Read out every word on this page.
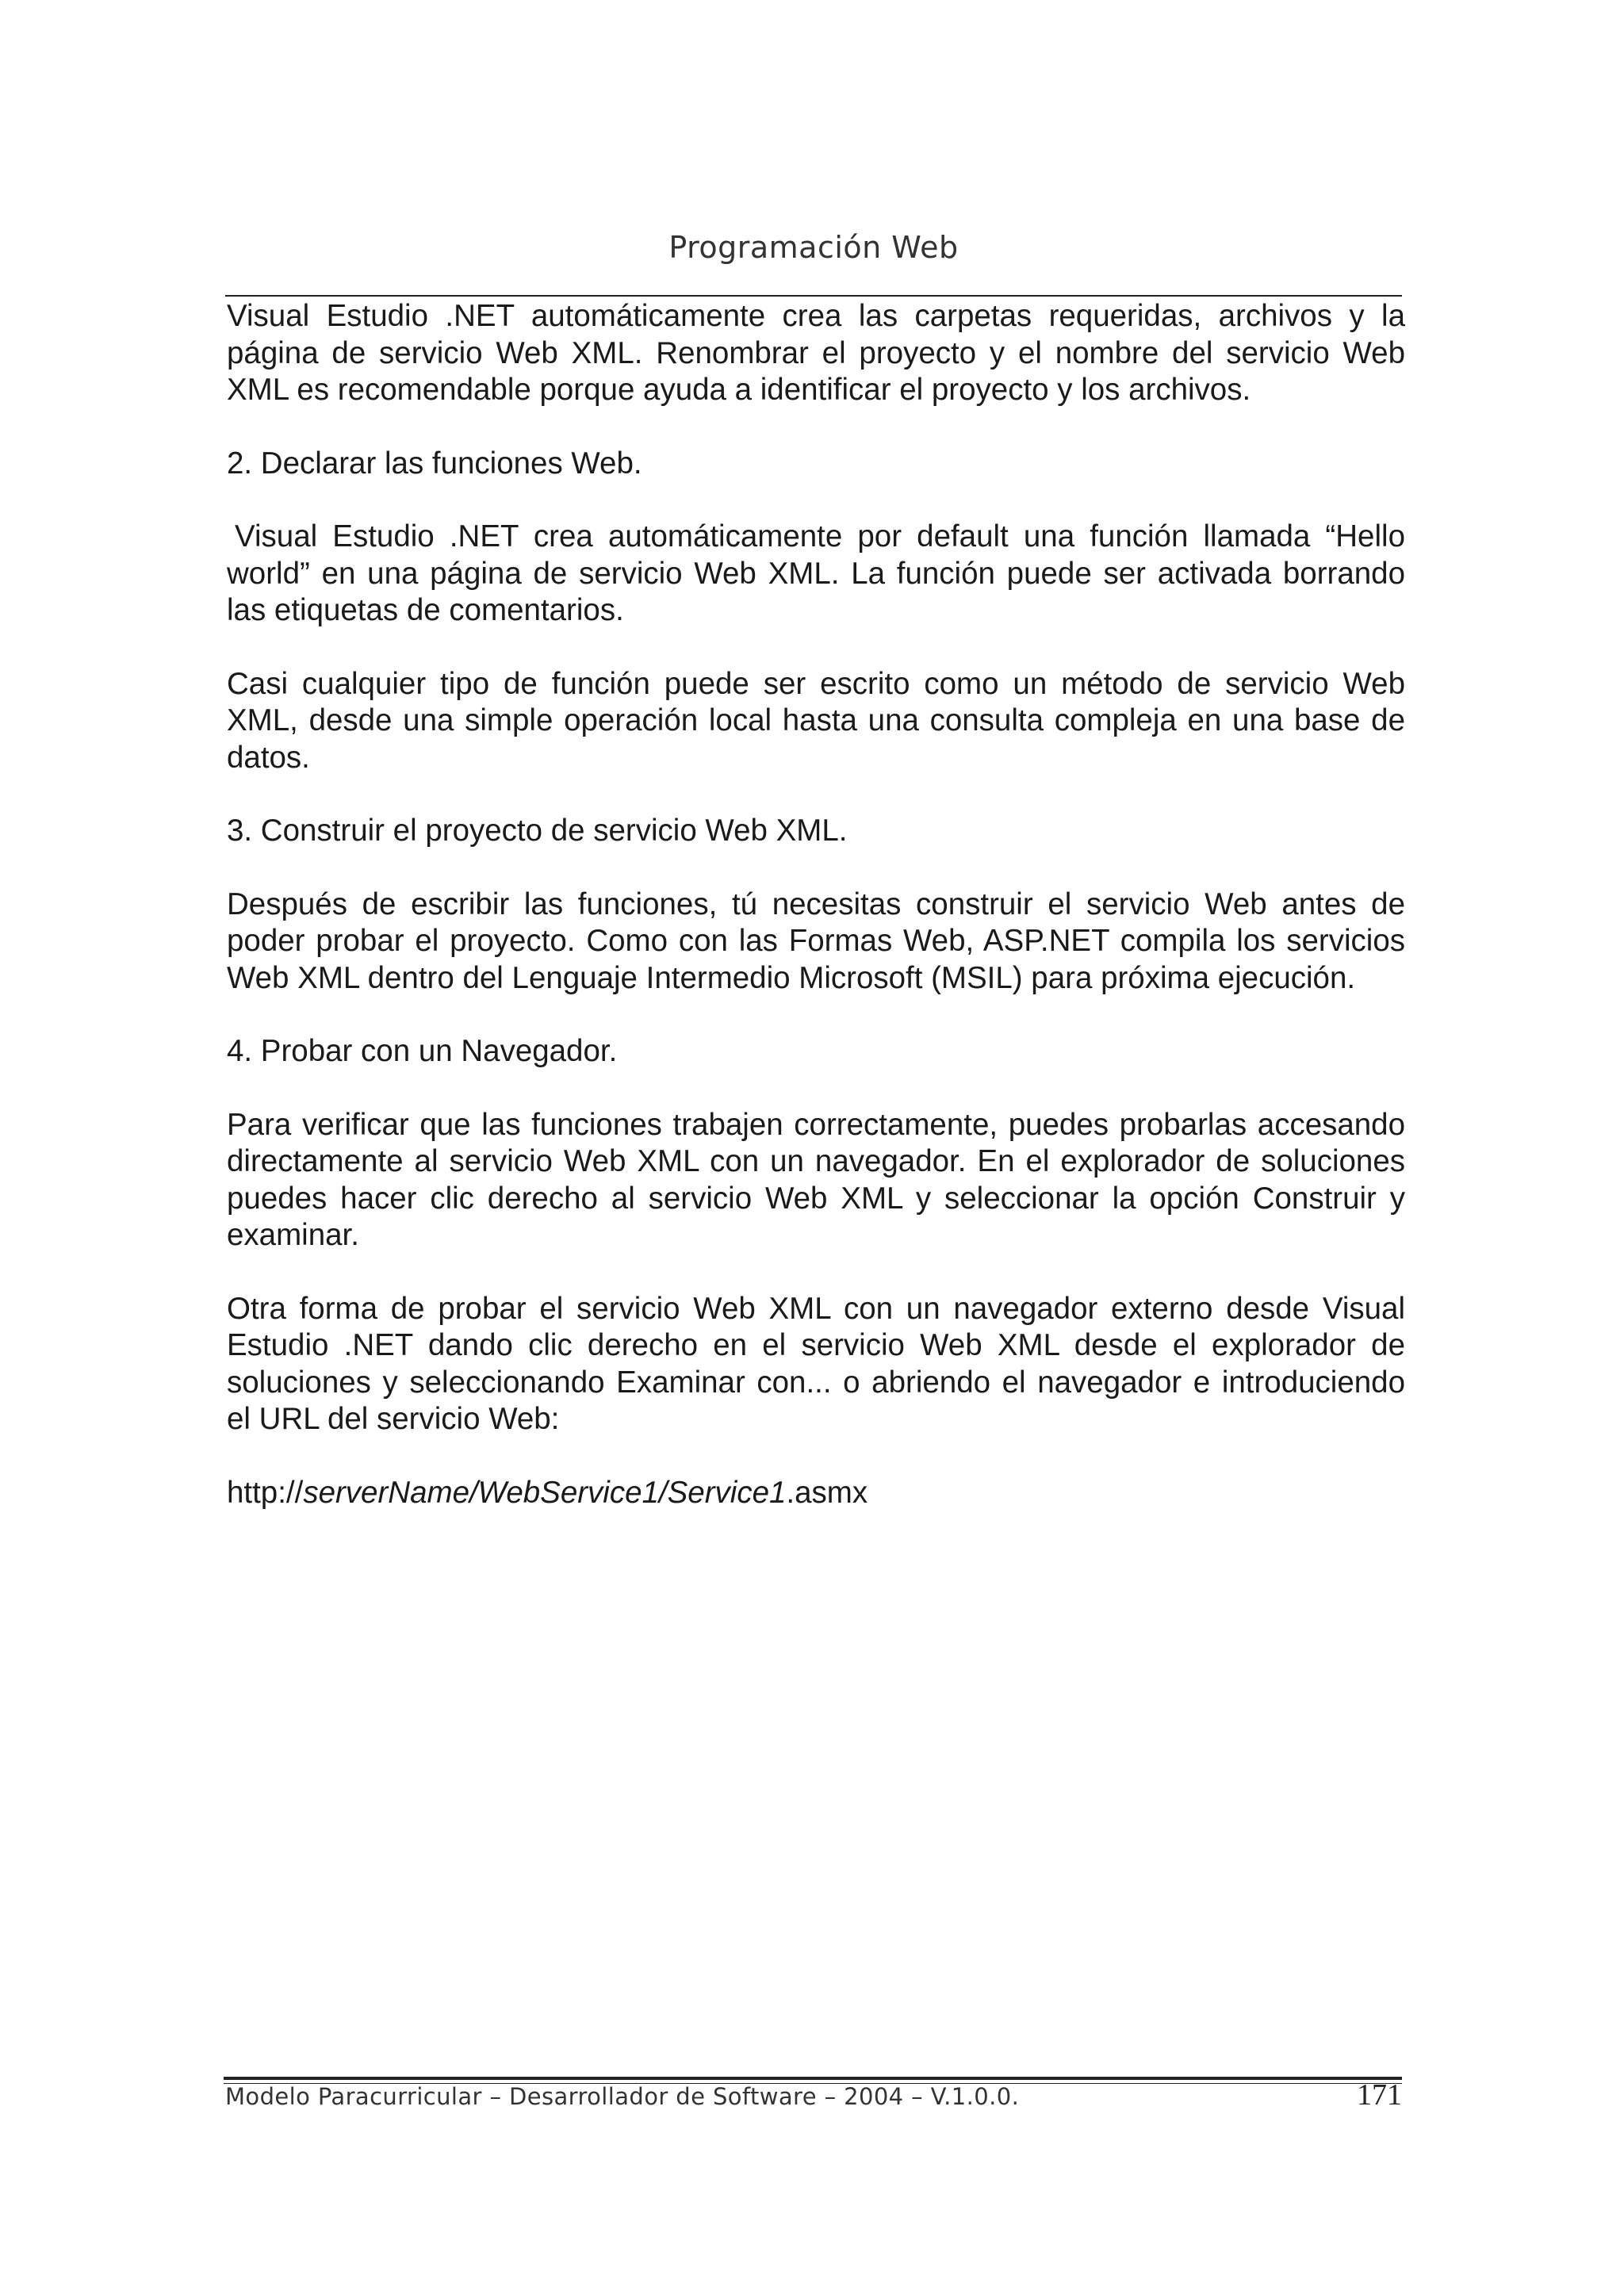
Programación Web

Visual Estudio .NET automáticamente crea las carpetas requeridas, archivos y la página de servicio Web XML. Renombrar el proyecto y el nombre del servicio Web XML es recomendable porque ayuda a identificar el proyecto y los archivos.

2. Declarar las funciones Web.

Visual Estudio .NET crea automáticamente por default una función llamada “Hello world” en una página de servicio Web XML. La función puede ser activada borrando las etiquetas de comentarios.

Casi cualquier tipo de función puede ser escrito como un método de servicio Web XML, desde una simple operación local hasta una consulta compleja en una base de datos.

3. Construir el proyecto de servicio Web XML.

Después de escribir las funciones, tú necesitas construir el servicio Web antes de poder probar el proyecto. Como con las Formas Web, ASP.NET compila los servicios Web XML dentro del Lenguaje Intermedio Microsoft (MSIL) para próxima ejecución.

4. Probar con un Navegador.

Para verificar que las funciones trabajen correctamente, puedes probarlas accesando directamente al servicio Web XML con un navegador. En el explorador de soluciones puedes hacer clic derecho al servicio Web XML y seleccionar la opción Construir y examinar.

Otra forma de probar el servicio Web XML con un navegador externo desde Visual Estudio .NET dando clic derecho en el servicio Web XML desde el explorador de soluciones y seleccionando Examinar con... o abriendo el navegador e introduciendo el URL del servicio Web:

http://serverName/WebService1/Service1.asmx

Modelo Paracurricular – Desarrollador de Software – 2004 – V.1.0.0.	171
